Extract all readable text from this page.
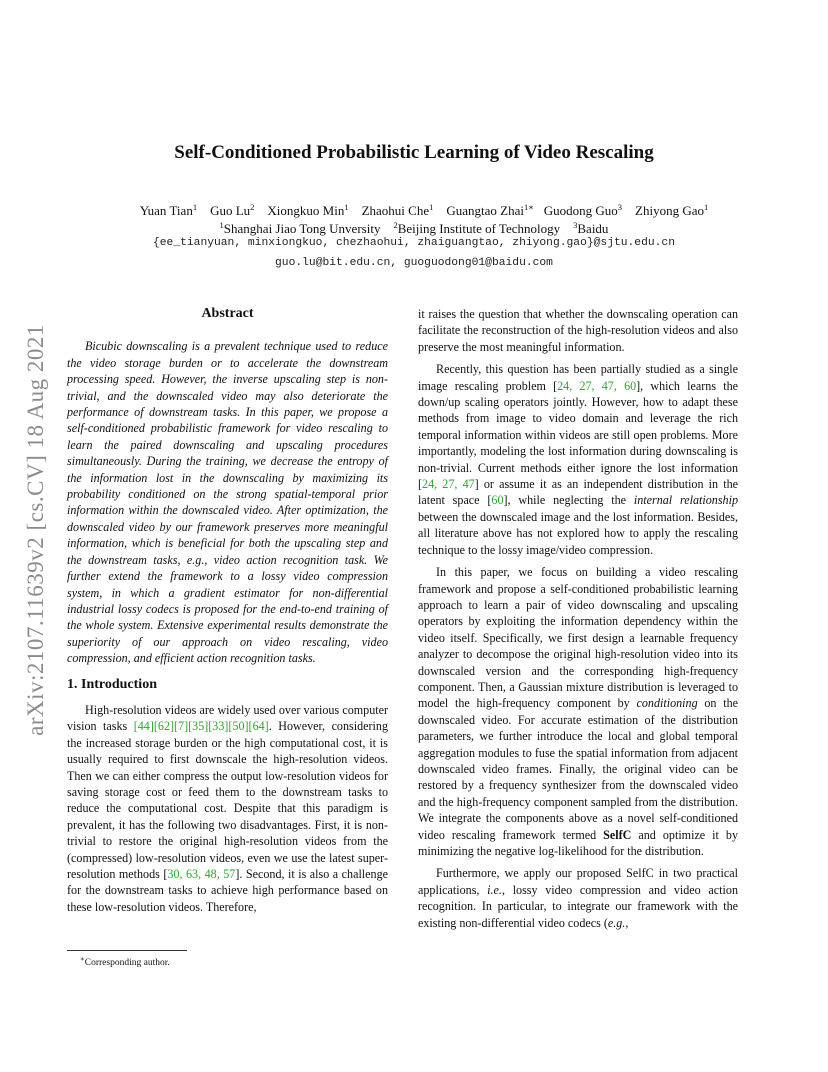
arXiv:2107.11639v2 [cs.CV] 18 Aug 2021
Self-Conditioned Probabilistic Learning of Video Rescaling
Yuan Tian$^1$ Guo Lu$^2$ Xiongkuo Min$^1$ Zhaohui Che$^1$ Guangtao Zhai$^{1∗}$ Guodong Guo$^3$ Zhiyong Gao$^1$
$^1$Shanghai Jiao Tong Unversity $^2$Beijing Institute of Technology $^3$Baidu
{ee_tianyuan, minxiongkuo, chezhaohui, zhaiguangtao, zhiyong.gao}@sjtu.edu.cn
guo.lu@bit.edu.cn, guoguodong01@baidu.com
Abstract

Bicubic downscaling is a prevalent technique used to reduce the video storage burden or to accelerate the downstream processing speed. However, the inverse upscaling step is non-trivial, and the downscaled video may also deteriorate the performance of downstream tasks. In this paper, we propose a self-conditioned probabilistic framework for video rescaling to learn the paired downscaling and upscaling procedures simultaneously. During the training, we decrease the entropy of the information lost in the downscaling by maximizing its probability conditioned on the strong spatial-temporal prior information within the downscaled video. After optimization, the downscaled video by our framework preserves more meaningful information, which is beneficial for both the upscaling step and the downstream tasks, e.g., video action recognition task. We further extend the framework to a lossy video compression system, in which a gradient estimator for non-differential industrial lossy codecs is proposed for the end-to-end training of the whole system. Extensive experimental results demonstrate the superiority of our approach on video rescaling, video compression, and efficient action recognition tasks.

1. Introduction

High-resolution videos are widely used over various computer vision tasks [44][62][7][35][33][50][64]. However, considering the increased storage burden or the high computational cost, it is usually required to first downscale the high-resolution videos. Then we can either compress the output low-resolution videos for saving storage cost or feed them to the downstream tasks to reduce the computational cost. Despite that this paradigm is prevalent, it has the following two disadvantages. First, it is non-trivial to restore the original high-resolution videos from the (compressed) low-resolution videos, even we use the latest super-resolution methods [30, 63, 48, 57]. Second, it is also a challenge for the downstream tasks to achieve high performance based on these low-resolution videos. Therefore,

it raises the question that whether the downscaling operation can facilitate the reconstruction of the high-resolution videos and also preserve the most meaningful information.

Recently, this question has been partially studied as a single image rescaling problem [24, 27, 47, 60], which learns the down/up scaling operators jointly. However, how to adapt these methods from image to video domain and leverage the rich temporal information within videos are still open problems. More importantly, modeling the lost information during downscaling is non-trivial. Current methods either ignore the lost information [24, 27, 47] or assume it as an independent distribution in the latent space [60], while neglecting the internal relationship between the downscaled image and the lost information. Besides, all literature above has not explored how to apply the rescaling technique to the lossy image/video compression.

In this paper, we focus on building a video rescaling framework and propose a self-conditioned probabilistic learning approach to learn a pair of video downscaling and upscaling operators by exploiting the information dependency within the video itself. Specifically, we first design a learnable frequency analyzer to decompose the original high-resolution video into its downscaled version and the corresponding high-frequency component. Then, a Gaussian mixture distribution is leveraged to model the high-frequency component by conditioning on the downscaled video. For accurate estimation of the distribution parameters, we further introduce the local and global temporal aggregation modules to fuse the spatial information from adjacent downscaled video frames. Finally, the original video can be restored by a frequency synthesizer from the downscaled video and the high-frequency component sampled from the distribution. We integrate the components above as a novel self-conditioned video rescaling framework termed SelfC and optimize it by minimizing the negative log-likelihood for the distribution.

Furthermore, we apply our proposed SelfC in two practical applications, i.e., lossy video compression and video action recognition. In particular, to integrate our framework with the existing non-differential video codecs (e.g.,

∗Corresponding author.
